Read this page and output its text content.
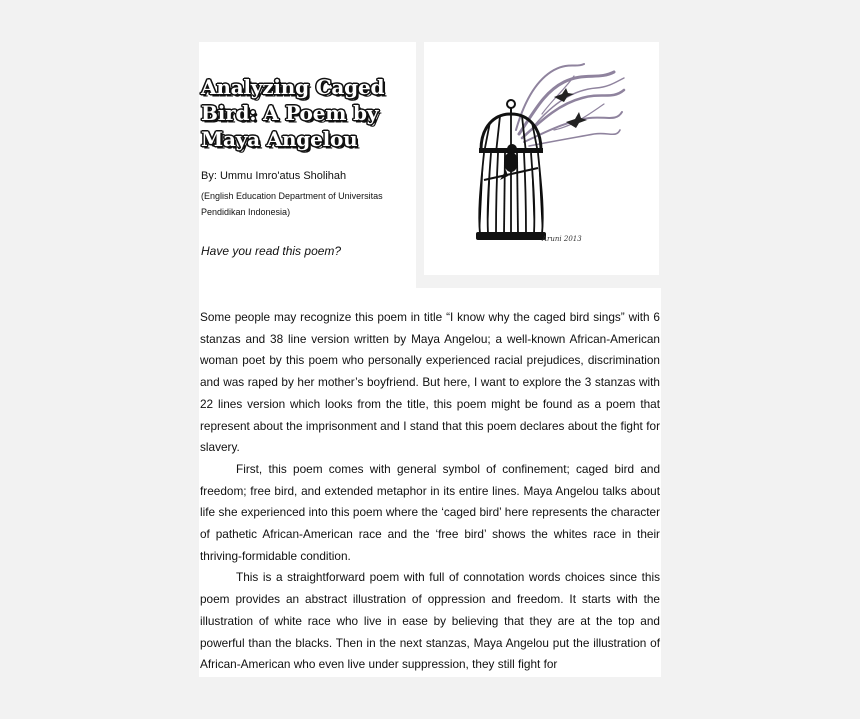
Analyzing Caged Bird: A Poem by Maya Angelou

By: Ummu Imro'atus Sholihah

(English Education Department of Universitas Pendidikan Indonesia)

Have you read this poem?

Aruni 2013

Some people may recognize this poem in title “I know why the caged bird sings” with 6 stanzas and 38 line version written by Maya Angelou; a well-known African-American woman poet by this poem who personally experienced racial prejudices, discrimination and was raped by her mother’s boyfriend. But here, I want to explore the 3 stanzas with 22 lines version which looks from the title, this poem might be found as a poem that represent about the imprisonment and I stand that this poem declares about the fight for slavery.

First, this poem comes with general symbol of confinement; caged bird and freedom; free bird, and extended metaphor in its entire lines. Maya Angelou talks about life she experienced into this poem where the ‘caged bird’ here represents the character of pathetic African-American race and the ‘free bird’ shows the whites race in their thriving-formidable condition.

This is a straightforward poem with full of connotation words choices since this poem provides an abstract illustration of oppression and freedom. It starts with the illustration of white race who live in ease by believing that they are at the top and powerful than the blacks. Then in the next stanzas, Maya Angelou put the illustration of African-American who even live under suppression, they still fight for
